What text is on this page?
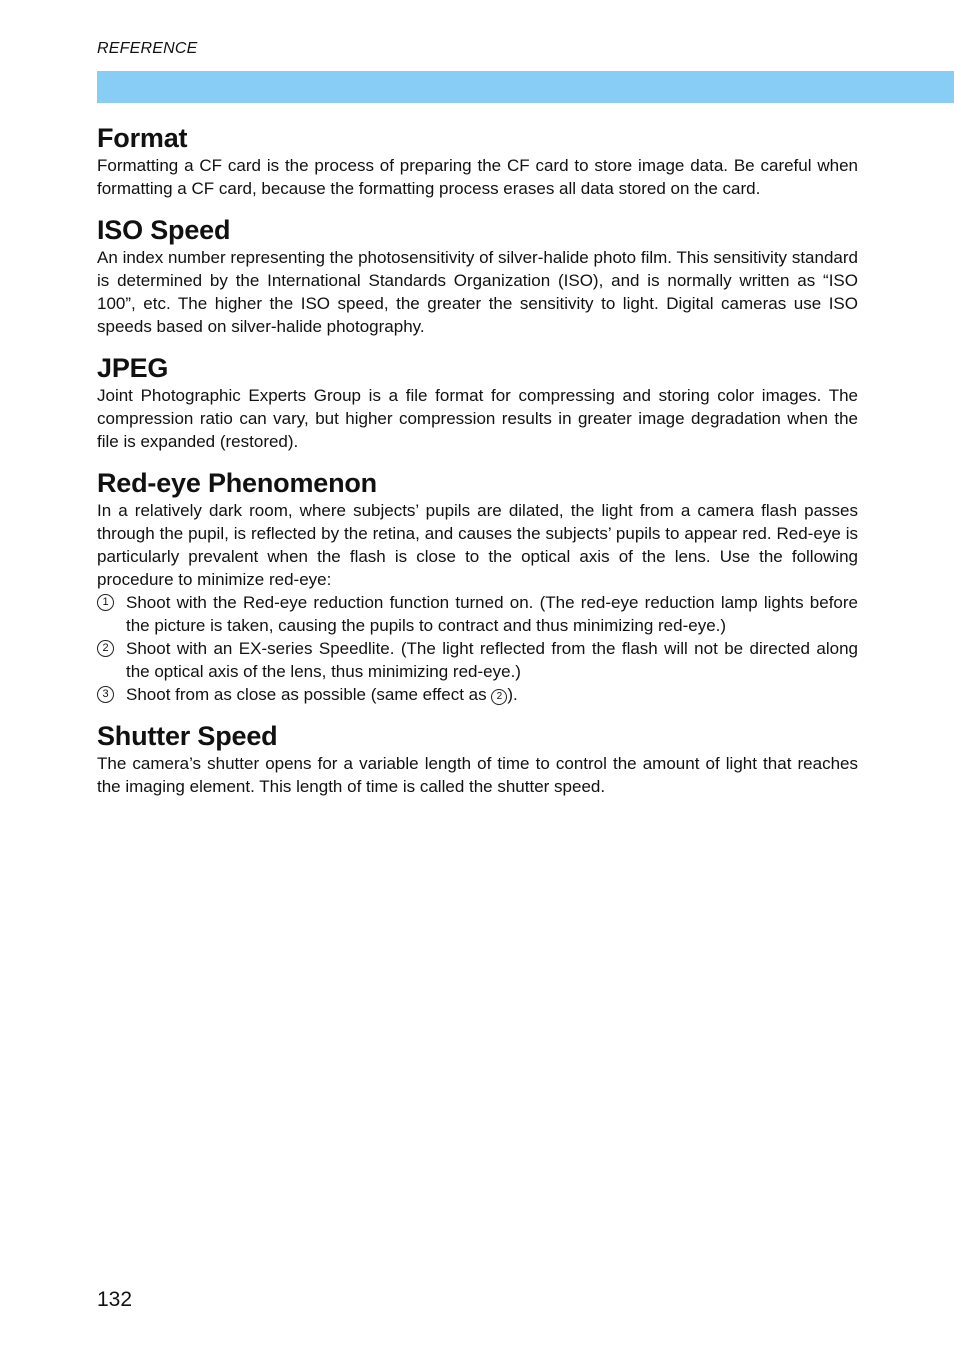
REFERENCE
Format

Formatting a CF card is the process of preparing the CF card to store image data. Be careful when formatting a CF card, because the formatting process erases all data stored on the card.

ISO Speed

An index number representing the photosensitivity of silver-halide photo film. This sensitivity standard is determined by the International Standards Organization (ISO), and is normally written as “ISO 100”, etc. The higher the ISO speed, the greater the sensitivity to light. Digital cameras use ISO speeds based on silver-halide photography.

JPEG

Joint Photographic Experts Group is a file format for compressing and storing color images. The compression ratio can vary, but higher compression results in greater image degradation when the file is expanded (restored).

Red-eye Phenomenon

In a relatively dark room, where subjects’ pupils are dilated, the light from a camera flash passes through the pupil, is reflected by the retina, and causes the subjects’ pupils to appear red. Red-eye is particularly prevalent when the flash is close to the optical axis of the lens. Use the following procedure to minimize red-eye:

1	Shoot with the Red-eye reduction function turned on. (The red-eye reduction lamp lights before the picture is taken, causing the pupils to contract and thus minimizing red-eye.)
2	Shoot with an EX-series Speedlite. (The light reflected from the flash will not be directed along the optical axis of the lens, thus minimizing red-eye.)
3	Shoot from as close as possible (same effect as 2 ).
Shutter Speed

The camera’s shutter opens for a variable length of time to control the amount of light that reaches the imaging element. This length of time is called the shutter speed.

132
